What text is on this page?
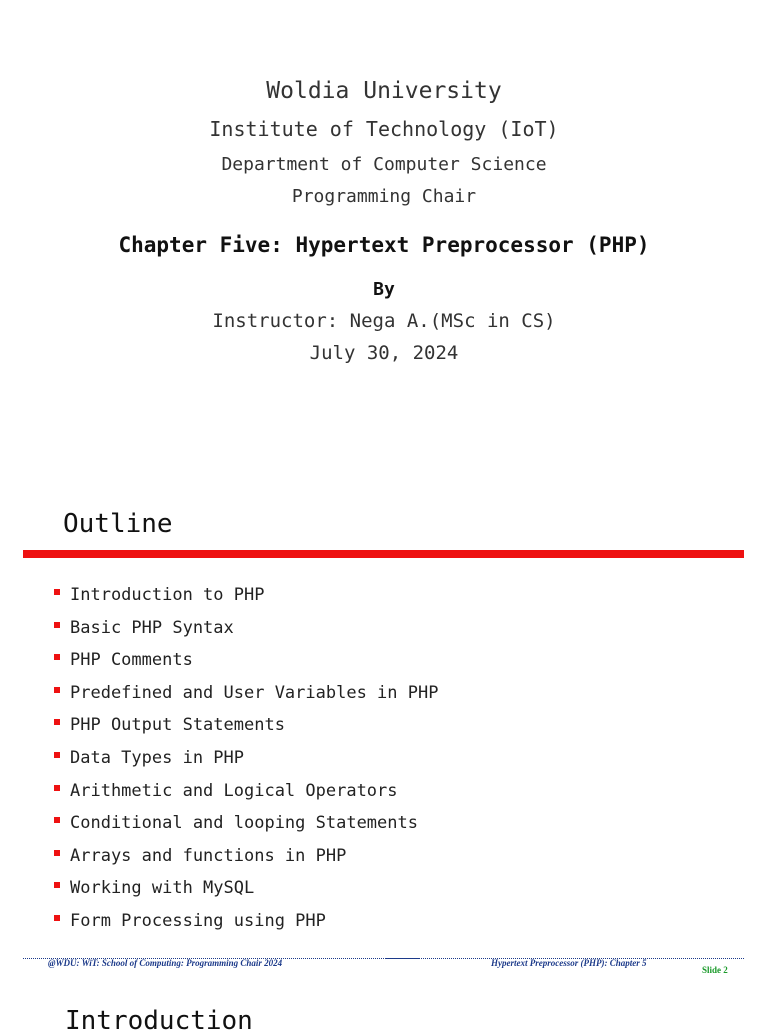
Woldia University
Institute of Technology (IoT)
Department of Computer Science
Programming Chair
Chapter Five: Hypertext Preprocessor (PHP)
By
Instructor: Nega A.(MSc in CS)
July 30, 2024
Outline
Introduction to PHP
Basic PHP Syntax
PHP Comments
Predefined and User Variables in PHP
PHP Output Statements
Data Types in PHP
Arithmetic and Logical Operators
Conditional and looping Statements
Arrays and functions in PHP
Working with MySQL
Form Processing using PHP
@WDU: WiT: School of Computing: Programming Chair 2024	Hypertext Preprocessor (PHP): Chapter 5
Slide 2
Introduction
